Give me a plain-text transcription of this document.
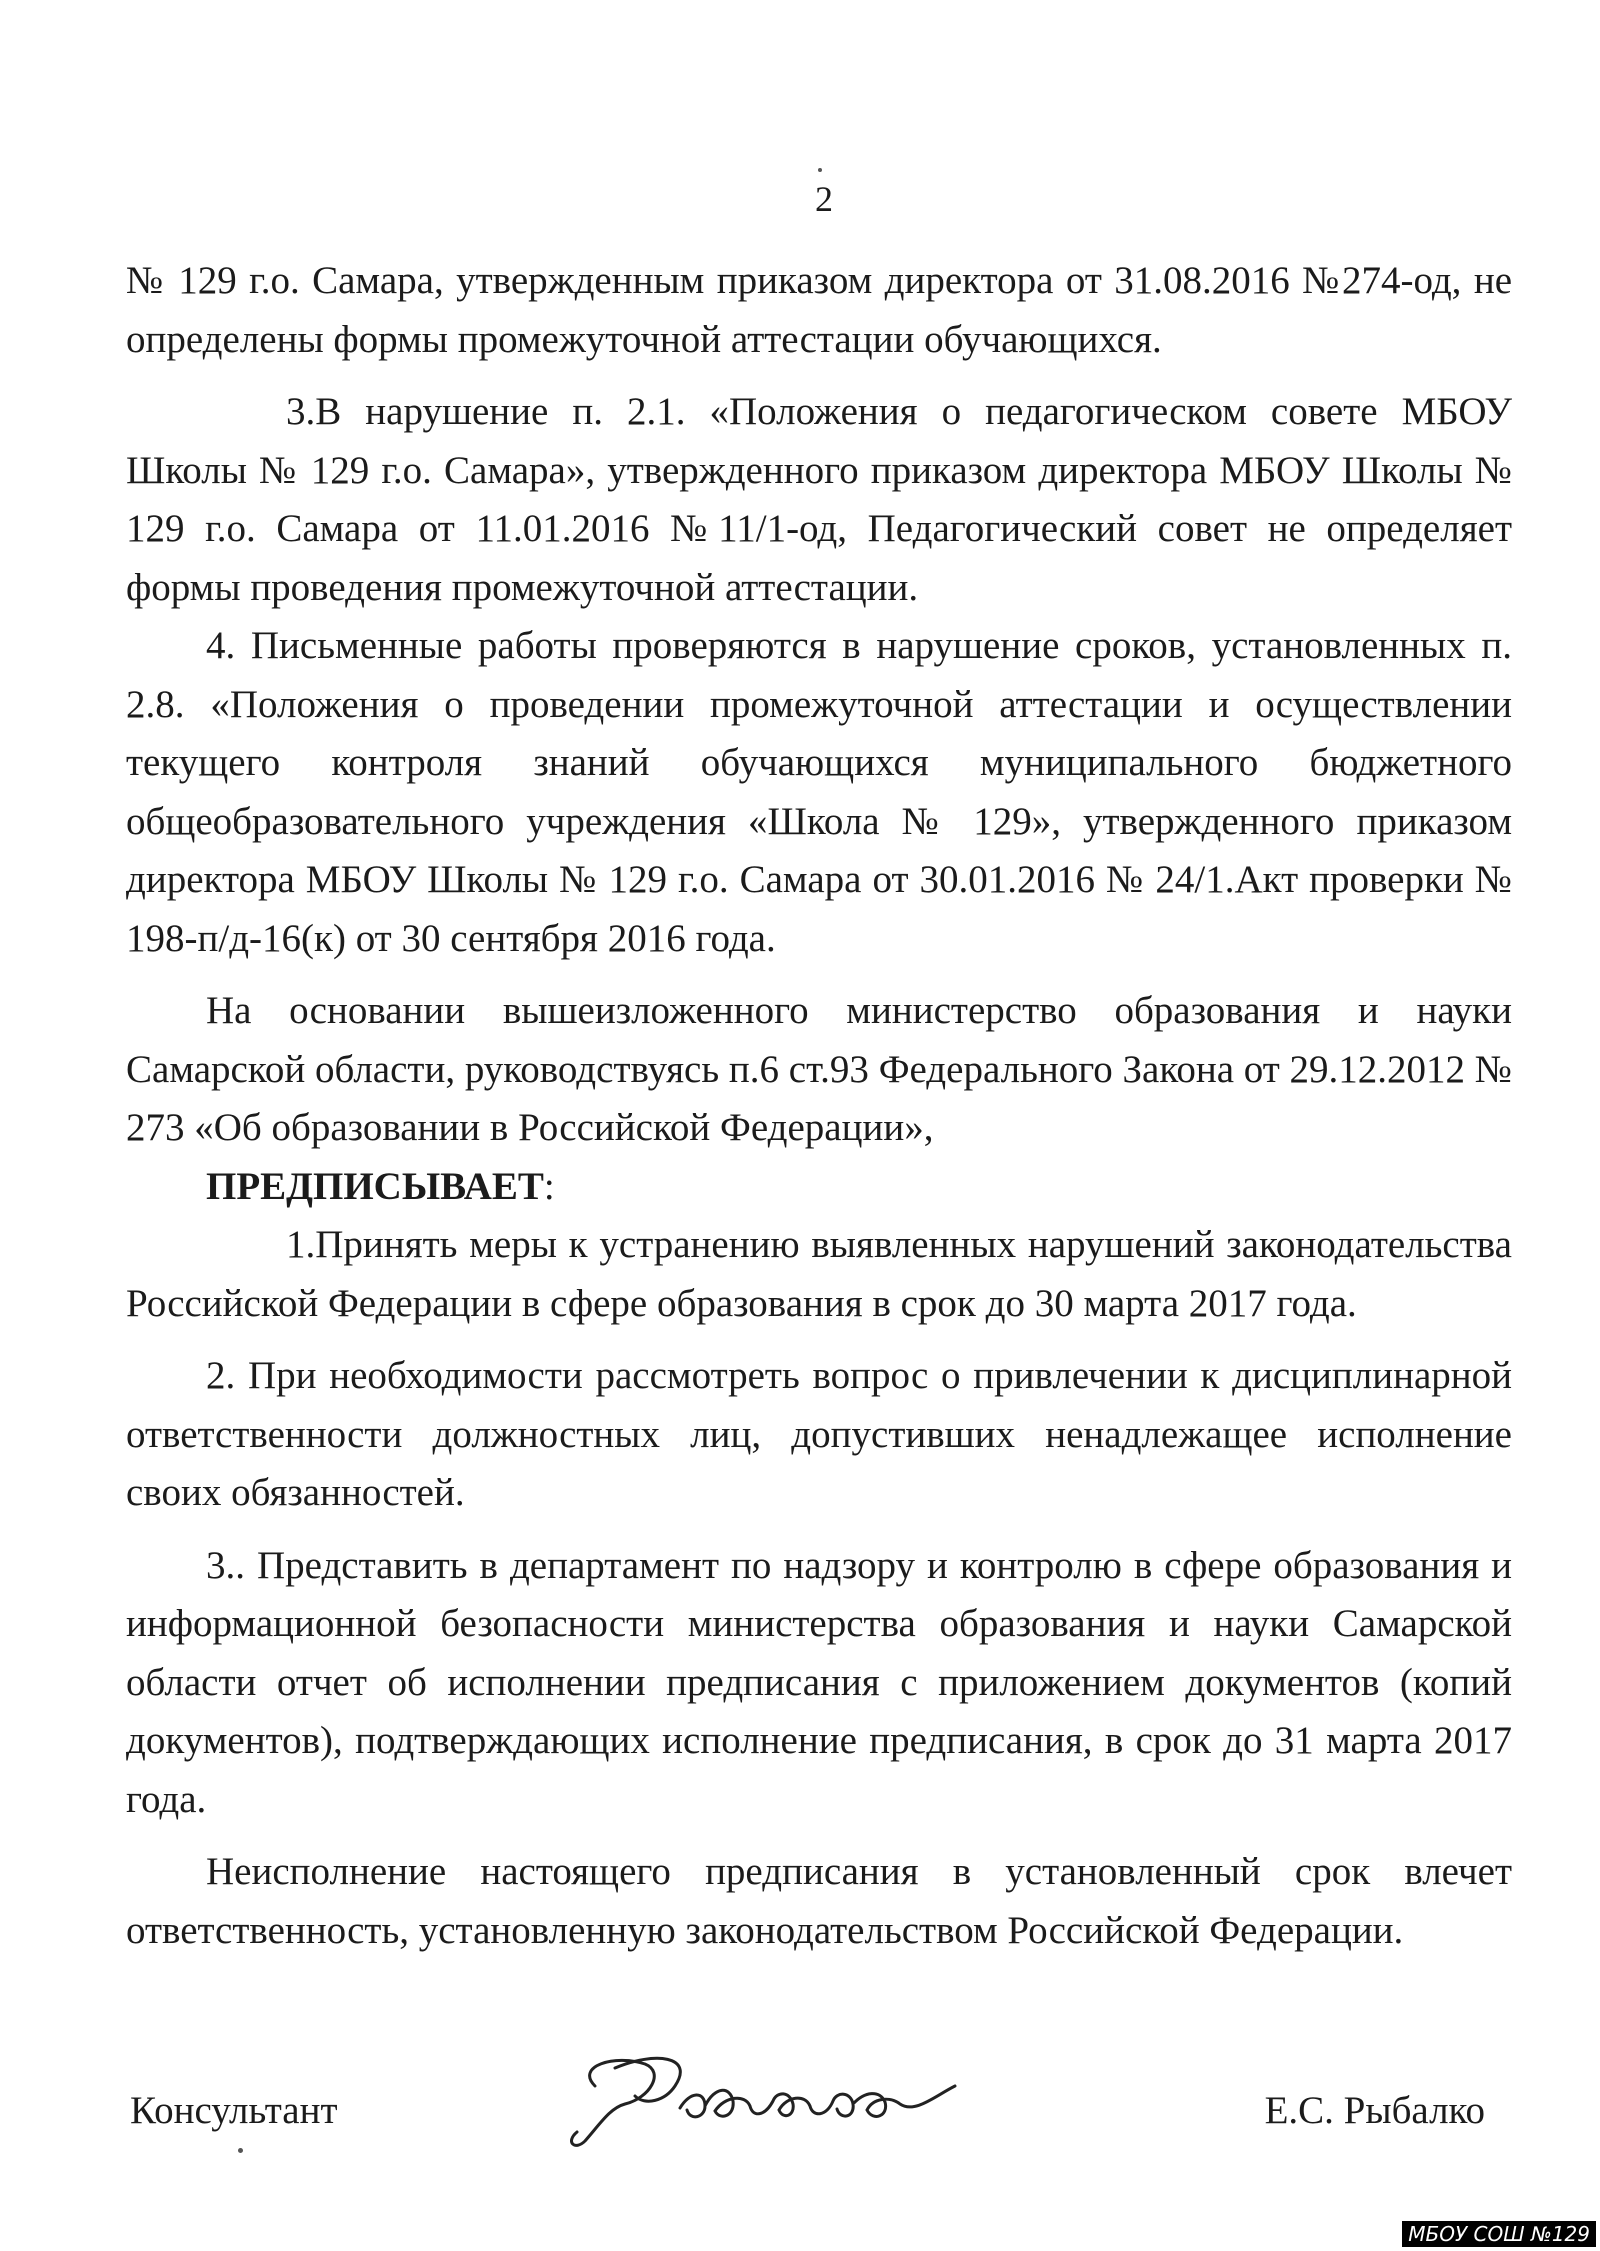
2

№ 129 г.о. Самара, утвержденным приказом директора от 31.08.2016 №274-од, не определены формы промежуточной аттестации обучающихся.

3.В нарушение п. 2.1. «Положения о педагогическом совете МБОУ Школы № 129 г.о. Самара», утвержденного приказом директора МБОУ Школы № 129 г.о. Самара от 11.01.2016 №11/1-од, Педагогический совет не определяет формы проведения промежуточной аттестации.

4. Письменные работы проверяются в нарушение сроков, установленных п. 2.8. «Положения о проведении промежуточной аттестации и осуществлении текущего контроля знаний обучающихся муниципального бюджетного общеобразовательного учреждения «Школа № 129», утвержденного приказом директора МБОУ Школы № 129 г.о. Самара от 30.01.2016 № 24/1.Акт проверки № 198-п/д-16(к) от 30 сентября 2016 года.

На основании вышеизложенного министерство образования и науки Самарской области, руководствуясь п.6 ст.93 Федерального Закона от 29.12.2012 № 273 «Об образовании в Российской Федерации»,

ПРЕДПИСЫВАЕТ:

1.Принять меры к устранению выявленных нарушений законодательства Российской Федерации в сфере образования в срок до 30 марта 2017 года.

2. При необходимости рассмотреть вопрос о привлечении к дисциплинарной ответственности должностных лиц, допустивших ненадлежащее исполнение своих обязанностей.

3.. Представить в департамент по надзору и контролю в сфере образования и информационной безопасности министерства образования и науки Самарской области отчет об исполнении предписания с приложением документов (копий документов), подтверждающих исполнение предписания, в срок до 31 марта 2017 года.

Неисполнение настоящего предписания в установленный срок влечет ответственность, установленную законодательством Российской Федерации.

Консультант	Е.С. Рыбалко
МБОУ СОШ №129
